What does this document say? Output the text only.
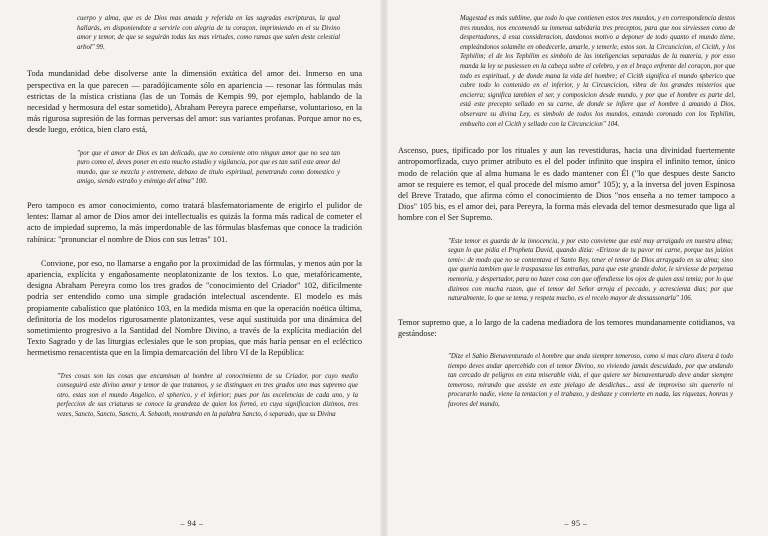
cuerpo y alma, que es de Dios mas amada y referida en las sagradas escripturas, la qual hallarás, en disponiendote a servirle con alegria de tu coraçon, imprimiendo en el su Divino amor y temor, de que se seguirán todas las mas virtudes, como ramas que salen deste celestial arbol" 99.

Toda mundanidad debe disolverse ante la dimensión extática del amor dei. Inmerso en una perspectiva en la que parecen — paradójicamente sólo en apariencia — resonar las fórmulas más estrictas de la mística cristiana (las de un Tomás de Kempis 99, por ejemplo, hablando de la necesidad y hermosura del estar sometido), Abraham Pereyra parece empeñarse, voluntarioso, en la más rigurosa supresión de las formas perversas del amor: sus variantes profanas. Porque amor no es, desde luego, erótica, bien claro está,

"por que el amor de Dios es tan delicado, que no consiente otro ningun amor que no sea tan puro como el, deves poner en esto mucho estudio y vigilancia, por que es tan sutil este amor del mundo, que se mezcla y entremete, debaxo de titulo espiritual, penetrando como domestico y amigo, siendo estraño y enimigo del alma" 100.

Pero tampoco es amor conocimiento, como tratará blasfematoriamente de erigirlo el pulidor de lentes: llamar al amor de Dios amor dei intellectualis es quizás la forma más radical de cometer el acto de impiedad supremo, la más imperdonable de las fórmulas blasfemas que conoce la tradición rabínica: "pronunciar el nombre de Dios con sus letras" 101.

Convione, por eso, no llamarse a engaño por la proximidad de las fórmulas, y menos aún por la apariencia, explícita y engañosamente neoplatonizante de los textos. Lo que, metafóricamente, designa Abraham Pereyra como los tres grados de "conocimiento del Criador" 102, difícilmente podría ser entendido como una simple gradación intelectual ascendente. El modelo es más propiamente cabalístico que platónico 103, en la medida misma en que la operación noética última, definitoria de los modelos rigurosamente platonizantes, vese aquí sustituida por una dinámica del sometimiento progresivo a la Santidad del Nombre Divino, a través de la explícita mediación del Texto Sagrado y de las liturgias eclesiales que le son propias, que más haría pensar en el ecléctico hermetismo renacentista que en la limpia demarcación del libro VI de la República:

"Tres cosas son las cosas que encaminan al hombre al conocimiento de su Criador, por cuyo medio conseguirá este divino amor y temor de que tratamos, y se distinguen en tres grados uno mas supremo que otro, estas son el mundo Angelico, el spherico, y el inferior; pues por las excelencias de cada uno, y la perfeccion de sus criaturas se conoce la grandeza de quien los formó, en cuya significacion dizimos, tres vezes, Sancto, Sancto, Sancto, A. Sebaoth, mostrando en la palabra Sancto, ó separado, que su Divina

– 94 –

Magestad es más sublime, que todo lo que contienen estos tres mundos, y en correspondencia destos tres mundos, nos encomendó su inmensa sabiduria tres preceptos, para que nos sirviessen como de despertadores, á essa consideracion, dandonos motivo a deponer de todo quanto el mundo tiene, empleándonos solamēte en obedecerle, amarle, y temerle, estos son. la Circuncicion, el Cicith, y los Tephilim; el de los Tephilim es simbolo de las inteligencias separadas de la materia, y por esso manda la ley se pusiessen en la cabeça sobre el celebro, y en el braço enfrente del coraçon, por que todo es espiritual, y de donde mana la vida del hombre; el Cicith significa el mundo spherico que cubre todo lo contenido en el inferior, y la Circuncicion, vibra de los grandes misterios que encierra; significa tambien el ser, y composicion desde mundo, y por que el hombre es parte del, está este precepto sellado en su carne, de donde se infiere que el hombre á amando á Dios, observare su divina Ley, es simbolo de todos los mundos, estando coronado con los Tephilim, embuelto con el Cicith y sellado con la Circuncicion" 104.

Ascenso, pues, tipificado por los rituales y aun las revestiduras, hacia una divinidad fuertemente antropomorfizada, cuyo primer atributo es el del poder infinito que inspira el infinito temor, único modo de relación que al alma humana le es dado mantener con Él ("lo que despues deste Sancto amor se requiere es temor, el qual procede del mismo amor" 105); y, a la inversa del joven Espinosa del Breve Tratado, que afirma cómo el conocimiento de Dios "nos enseña a no temer tampoco a Dios" 105 bis, es el amor dei, para Pereyra, la forma más elevada del temor desmesurado que liga al hombre con el Ser Supremo.

"Este temor es guarda de la innocencia, y por esto convieme que esté muy arraigado en nuestra alma; segun lo que pidia el Propheta David, quando dizia: «Erizose de tu pavor mi carne, porque tus juizios temi»: de modo que no se contentava el Santo Rey, tener el temor de Dios arraygado en su alma; sino que queria tambien que le traspasasse las entrañas, para que este grande dolor, le sirviesse de perpetua memoria, y despertador, para no hazer cosa con que offendiesse los ojos de quien assi temia; por lo que dizimos con mucha razon, que el temor del Señor arroja el peccado, y acrescienta dias; por que naturalmente, lo que se tema, y respeta mucho, es el recelo mayor de dessassonarla" 106.

Temor supremo que, a lo largo de la cadena mediadora de los temores mundanamente cotidianos, va gestándose:

"Dize el Sabio Bienaventurado el hombre que anda siempre temeroso, como si mas claro dixera á todo tiempo deves andar apercebido con el temor Divino, no viviendo jamás descuidado, por que andando tan cercado de peligros en esta miserable vida, el que quiere ser bienaventurado deve andar siempre temeroso, mirando que assiste en este pielago de desdichas... assi de improviso sin quererlo ni procurarlo nadie, viene la tentacion y el trabaxo, y deshaze y convierte en nada, las riquezas, honras y favores del mundo,

– 95 –
